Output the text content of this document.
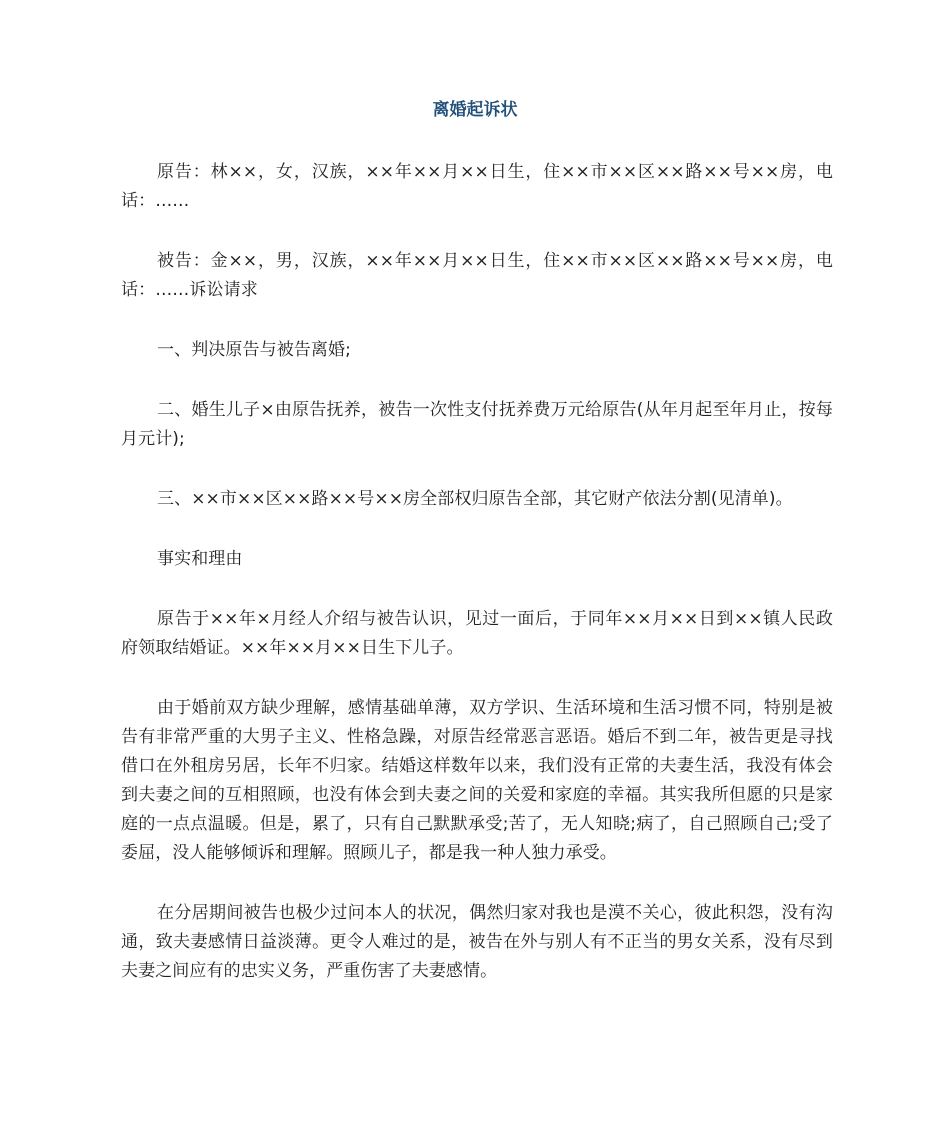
离婚起诉状

原告：林××，女，汉族，××年××月××日生，住××市××区××路××号××房，电话：……

被告：金××，男，汉族，××年××月××日生，住××市××区××路××号××房，电话：……诉讼请求

一、判决原告与被告离婚;

二、婚生儿子×由原告抚养，被告一次性支付抚养费万元给原告(从年月起至年月止，按每月元计);

三、××市××区××路××号××房全部权归原告全部，其它财产依法分割(见清单)。

事实和理由

原告于××年×月经人介绍与被告认识，见过一面后，于同年××月××日到××镇人民政府领取结婚证。××年××月××日生下儿子。

由于婚前双方缺少理解，感情基础单薄，双方学识、生活环境和生活习惯不同，特别是被告有非常严重的大男子主义、性格急躁，对原告经常恶言恶语。婚后不到二年，被告更是寻找借口在外租房另居，长年不归家。结婚这样数年以来，我们没有正常的夫妻生活，我没有体会到夫妻之间的互相照顾，也没有体会到夫妻之间的关爱和家庭的幸福。其实我所但愿的只是家庭的一点点温暖。但是，累了，只有自己默默承受;苦了，无人知晓;病了，自己照顾自己;受了委屈，没人能够倾诉和理解。照顾儿子，都是我一种人独力承受。

在分居期间被告也极少过问本人的状况，偶然归家对我也是漠不关心，彼此积怨，没有沟通，致夫妻感情日益淡薄。更令人难过的是，被告在外与别人有不正当的男女关系，没有尽到夫妻之间应有的忠实义务，严重伤害了夫妻感情。
